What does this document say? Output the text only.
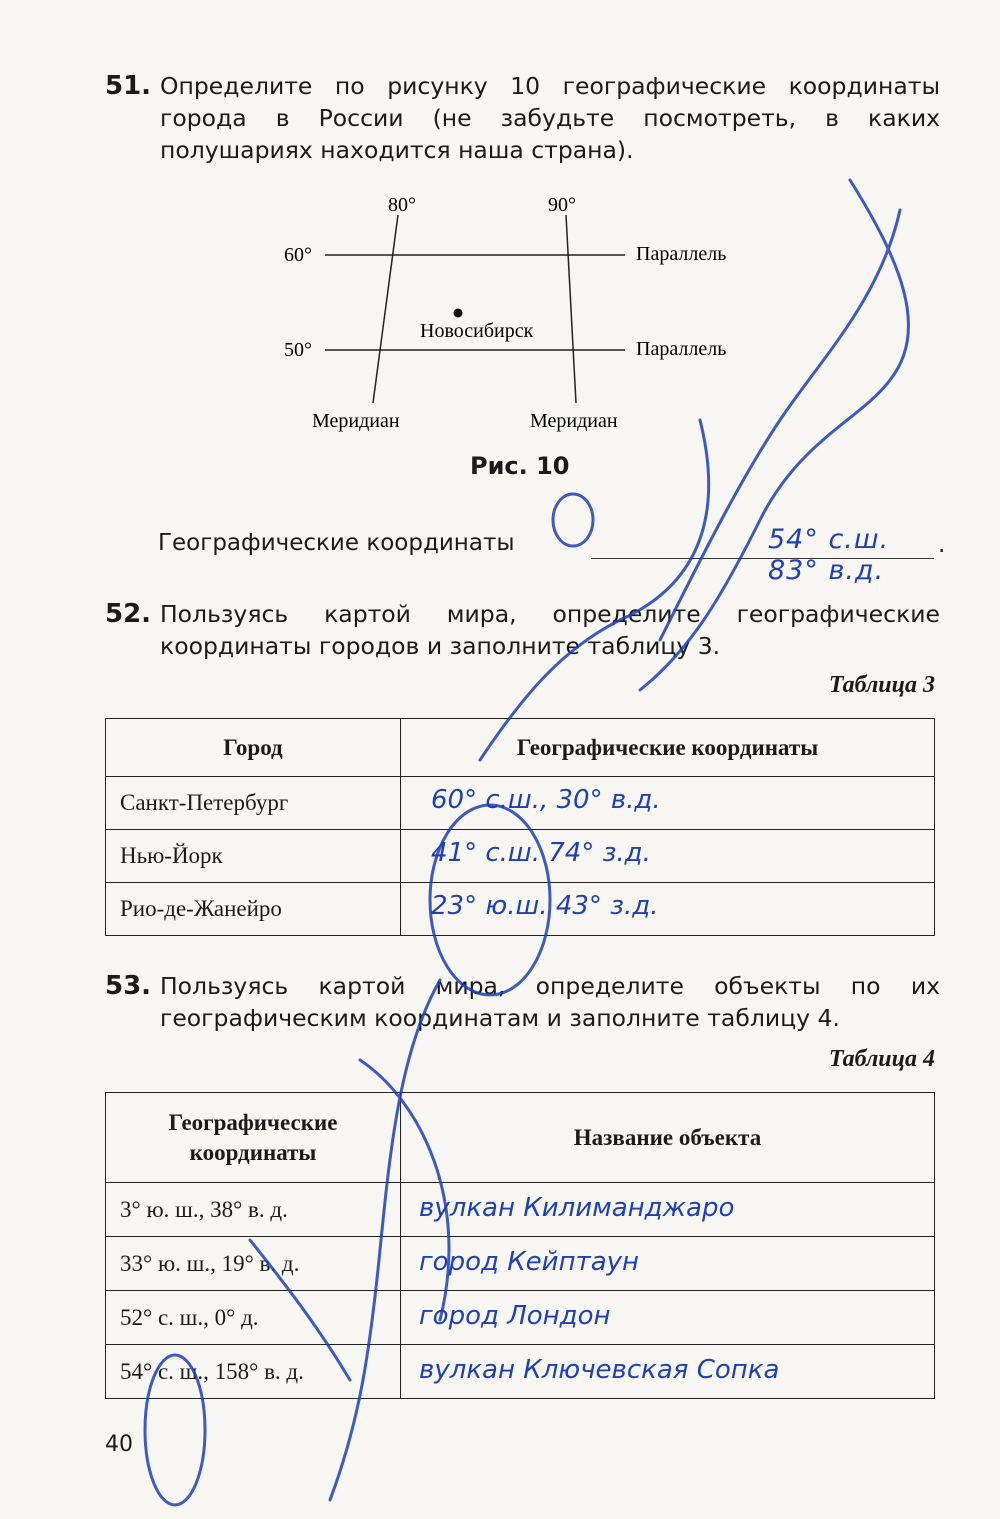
51. Определите по рисунку 10 географические координаты города в России (не забудьте посмотреть, в каких полушариях находится наша страна).
80°	90°
60°
50°
Параллель
Параллель
Новосибирск
Меридиан	Меридиан
Рис. 10
Географические координаты	54° с.ш. 83° в.д.
.
52. Пользуясь картой мира, определите географические координаты городов и заполните таблицу 3.
Таблица 3
Город	Географические координаты
Санкт-Петербург	60° с.ш., 30° в.д.

Нью-Йорк	41° с.ш. 74° з.д.

Рио-де-Жанейро	23° ю.ш. 43° з.д.
53. Пользуясь картой мира, определите объекты по их географическим координатам и заполните таблицу 4.
Таблица 4
Географические координаты	Название объекта
3° ю. ш., 38° в. д.	вулкан Килиманджаро

33° ю. ш., 19° в. д.	город Кейптаун

52° с. ш., 0° д.	город Лондон

54° с. ш., 158° в. д.	вулкан Ключевская Сопка
40
